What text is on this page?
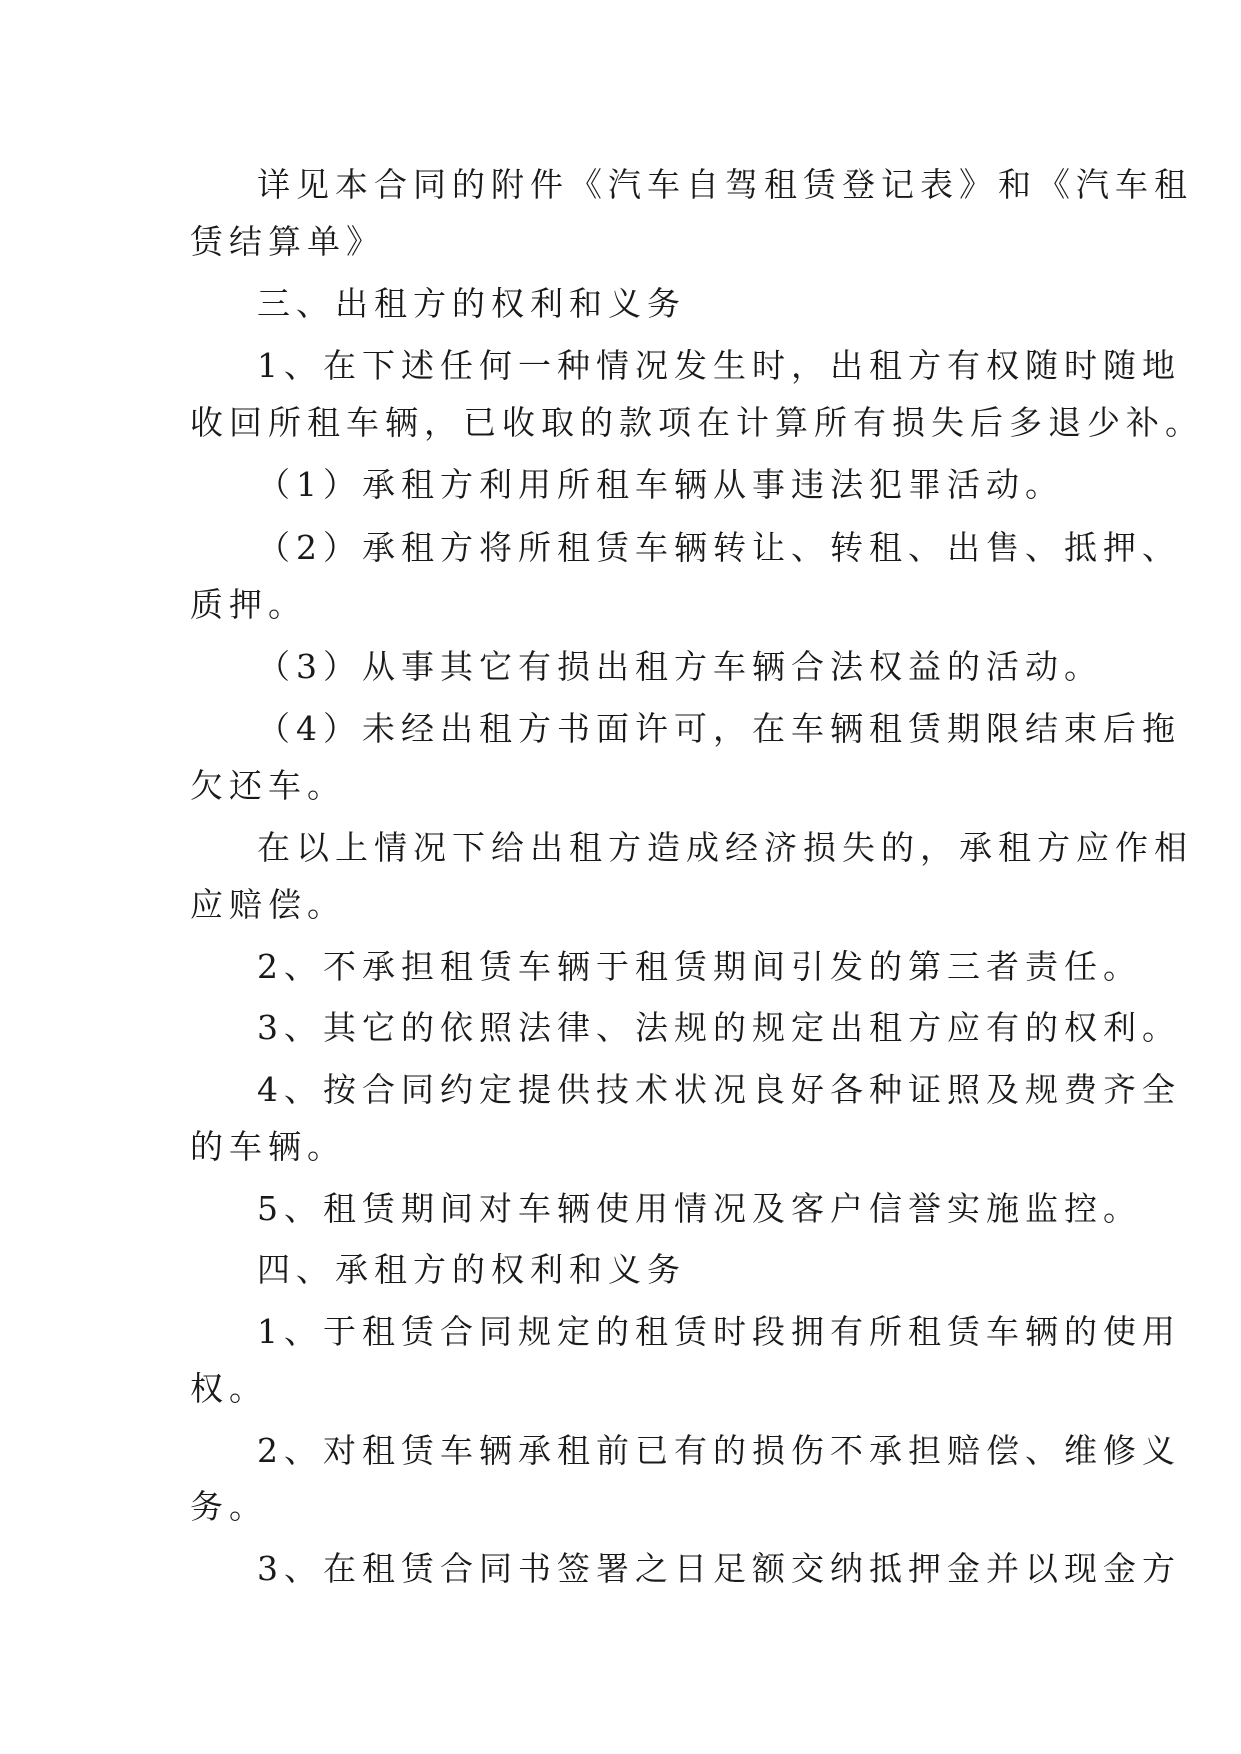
详见本合同的附件《汽车自驾租赁登记表》和《汽车租
赁结算单》
三、出租方的权利和义务
1、在下述任何一种情况发生时，出租方有权随时随地
收回所租车辆，已收取的款项在计算所有损失后多退少补。
（1）承租方利用所租车辆从事违法犯罪活动。
（2）承租方将所租赁车辆转让、转租、出售、抵押、
质押。
（3）从事其它有损出租方车辆合法权益的活动。
（4）未经出租方书面许可，在车辆租赁期限结束后拖
欠还车。
在以上情况下给出租方造成经济损失的，承租方应作相
应赔偿。
2、不承担租赁车辆于租赁期间引发的第三者责任。
3、其它的依照法律、法规的规定出租方应有的权利。
4、按合同约定提供技术状况良好各种证照及规费齐全
的车辆。
5、租赁期间对车辆使用情况及客户信誉实施监控。
四、承租方的权利和义务
1、于租赁合同规定的租赁时段拥有所租赁车辆的使用
权。
2、对租赁车辆承租前已有的损伤不承担赔偿、维修义
务。
3、在租赁合同书签署之日足额交纳抵押金并以现金方
